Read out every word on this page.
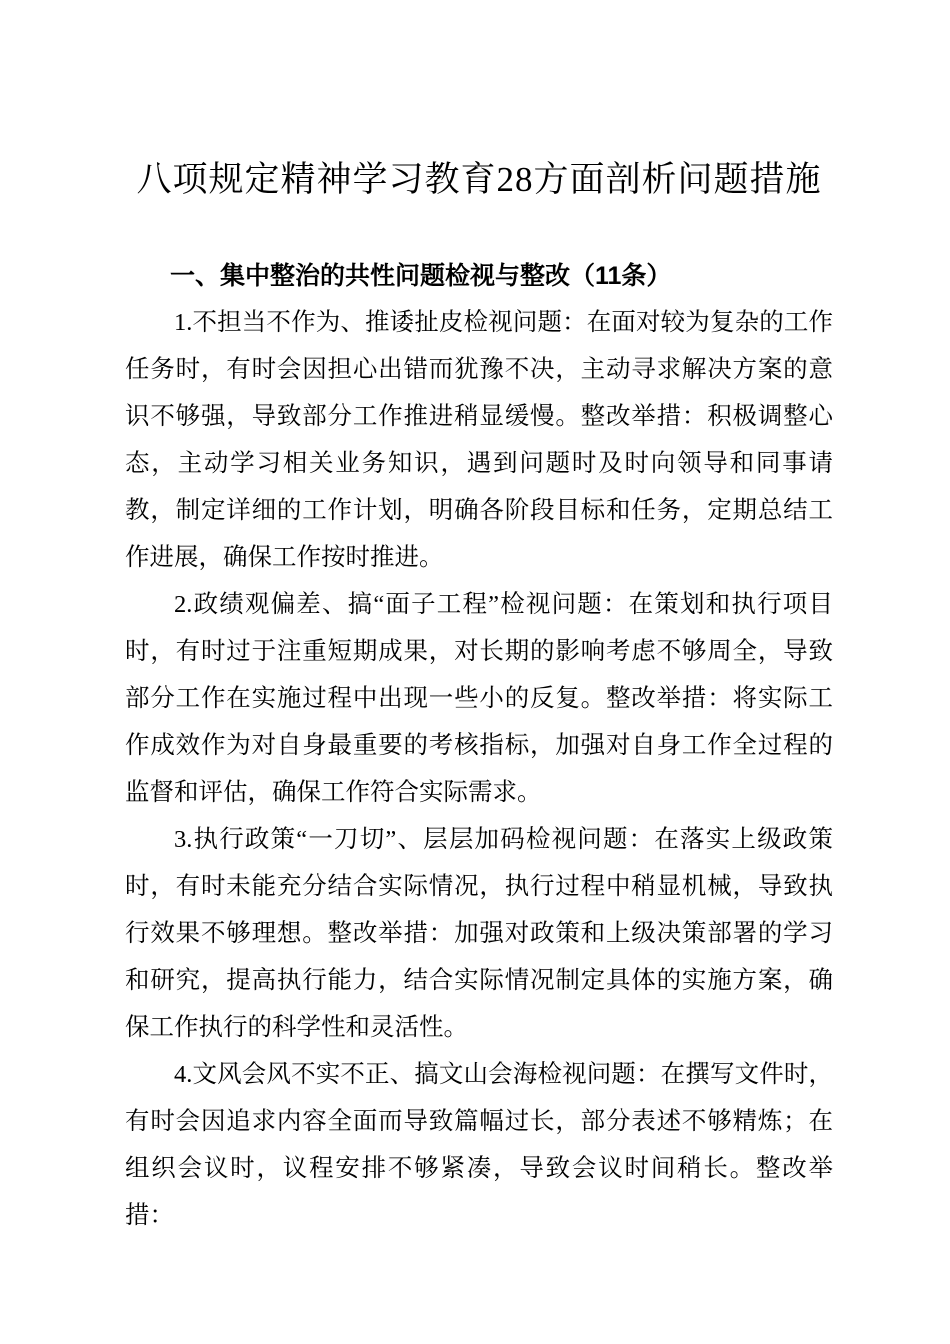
八项规定精神学习教育28方面剖析问题措施
一、集中整治的共性问题检视与整改（11条）

1.不担当不作为、推诿扯皮检视问题：在面对较为复杂的工作任务时，有时会因担心出错而犹豫不决，主动寻求解决方案的意识不够强，导致部分工作推进稍显缓慢。整改举措：积极调整心态，主动学习相关业务知识，遇到问题时及时向领导和同事请教，制定详细的工作计划，明确各阶段目标和任务，定期总结工作进展，确保工作按时推进。

2.政绩观偏差、搞“面子工程”检视问题：在策划和执行项目时，有时过于注重短期成果，对长期的影响考虑不够周全，导致部分工作在实施过程中出现一些小的反复。整改举措：将实际工作成效作为对自身最重要的考核指标，加强对自身工作全过程的监督和评估，确保工作符合实际需求。

3.执行政策“一刀切”、层层加码检视问题：在落实上级政策时，有时未能充分结合实际情况，执行过程中稍显机械，导致执行效果不够理想。整改举措：加强对政策和上级决策部署的学习和研究，提高执行能力，结合实际情况制定具体的实施方案，确保工作执行的科学性和灵活性。

4.文风会风不实不正、搞文山会海检视问题：在撰写文件时，有时会因追求内容全面而导致篇幅过长，部分表述不够精炼；在组织会议时，议程安排不够紧凑，导致会议时间稍长。整改举措：
